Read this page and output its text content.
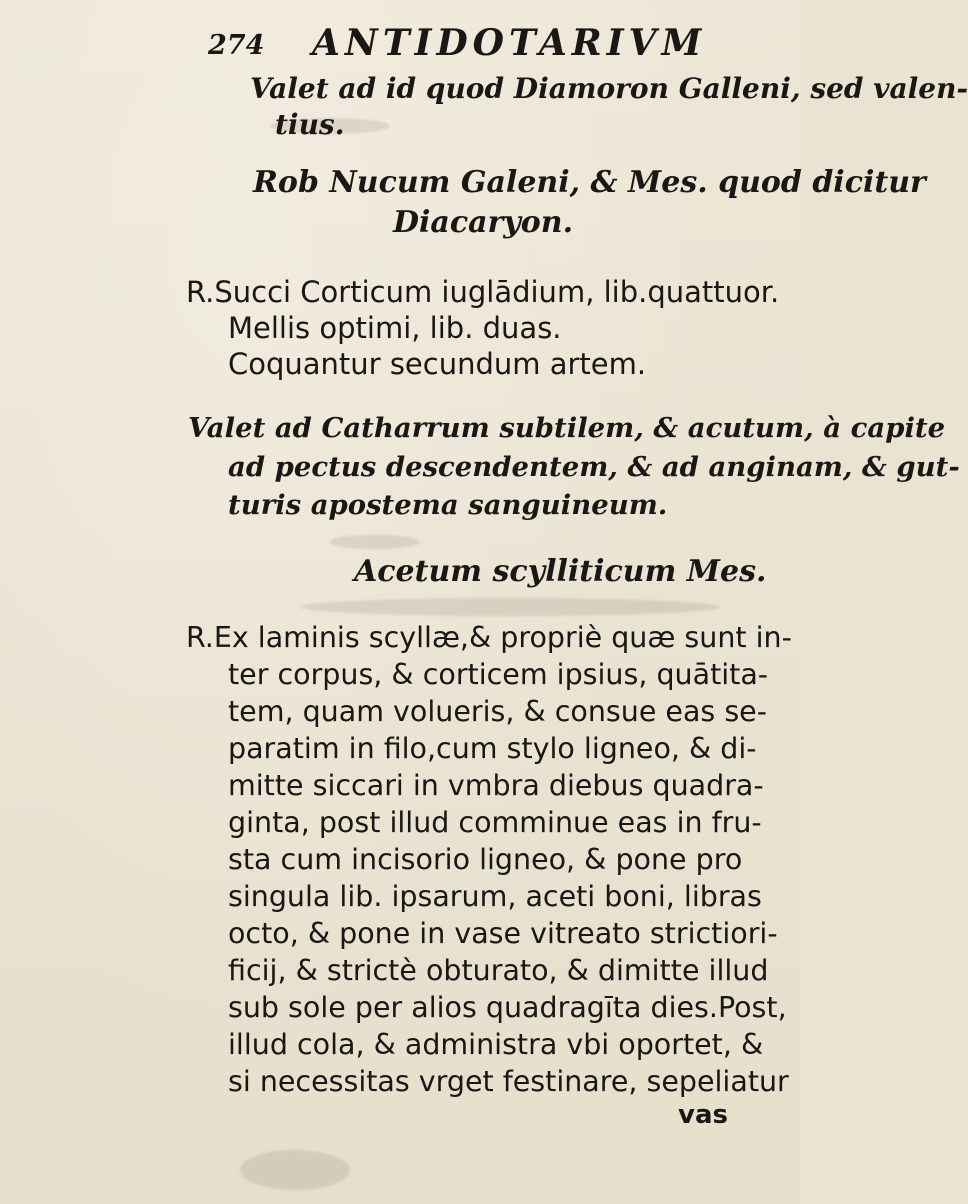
274 ANTIDOTARIVM
Valet ad id quod Diamoron Galleni, sed valen-
tius.
Rob Nucum Galeni, & Mes. quod dicitur
Diacaryon.
R.Succi Corticum iuglādium, lib.quattuor.
Mellis optimi, lib. duas.
Coquantur secundum artem.
Valet ad Catharrum subtilem, & acutum, à capite
ad pectus descendentem, & ad anginam, & gut-
turis apostema sanguineum.
Acetum scylliticum Mes.
R.Ex laminis scyllæ,& propriè quæ sunt in-
ter corpus, & corticem ipsius, quātita-
tem, quam volueris, & consue eas se-
paratim in filo,cum stylo ligneo, & di-
mitte siccari in vmbra diebus quadra-
ginta, post illud comminue eas in fru-
sta cum incisorio ligneo, & pone pro
singula lib. ipsarum, aceti boni, libras
octo, & pone in vase vitreato strictiori-
ficij, & strictè obturato, & dimitte illud
sub sole per alios quadragīta dies.Post,
illud cola, & administra vbi oportet, &
si necessitas vrget festinare, sepeliatur
vas
